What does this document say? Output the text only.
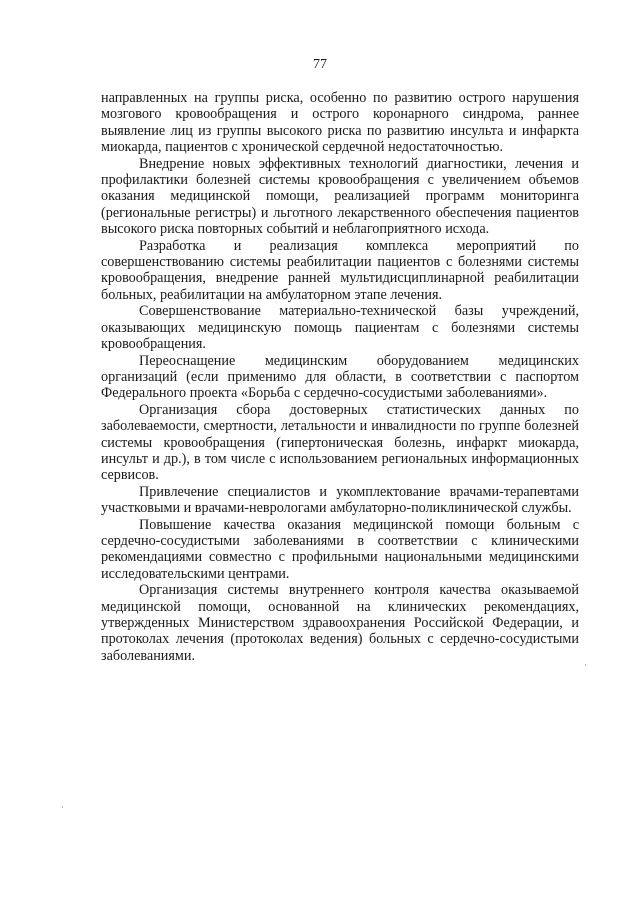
77

направленных на группы риска, особенно по развитию острого нарушения мозгового кровообращения и острого коронарного синдрома, раннее выявление лиц из группы высокого риска по развитию инсульта и инфаркта миокарда, пациентов с хронической сердечной недостаточностью.

Внедрение новых эффективных технологий диагностики, лечения и профилактики болезней системы кровообращения с увеличением объемов оказания медицинской помощи, реализацией программ мониторинга (региональные регистры) и льготного лекарственного обеспечения пациентов высокого риска повторных событий и неблагоприятного исхода.

Разработка и реализация комплекса мероприятий по совершенствованию системы реабилитации пациентов с болезнями системы кровообращения, внедрение ранней мультидисциплинарной реабилитации больных, реабилитации на амбулаторном этапе лечения.

Совершенствование материально-технической базы учреждений, оказывающих медицинскую помощь пациентам с болезнями системы кровообращения.

Переоснащение медицинским оборудованием медицинских организаций (если применимо для области, в соответствии с паспортом Федерального проекта «Борьба с сердечно-сосудистыми заболеваниями».

Организация сбора достоверных статистических данных по заболеваемости, смертности, летальности и инвалидности по группе болезней системы кровообращения (гипертоническая болезнь, инфаркт миокарда, инсульт и др.), в том числе с использованием региональных информационных сервисов.

Привлечение специалистов и укомплектование врачами-терапевтами участковыми и врачами-неврологами амбулаторно-поликлинической службы.

Повышение качества оказания медицинской помощи больным с сердечно-сосудистыми заболеваниями в соответствии с клиническими рекомендациями совместно с профильными национальными медицинскими исследовательскими центрами.

Организация системы внутреннего контроля качества оказываемой медицинской помощи, основанной на клинических рекомендациях, утвержденных Министерством здравоохранения Российской Федерации, и протоколах лечения (протоколах ведения) больных с сердечно-сосудистыми заболеваниями.
